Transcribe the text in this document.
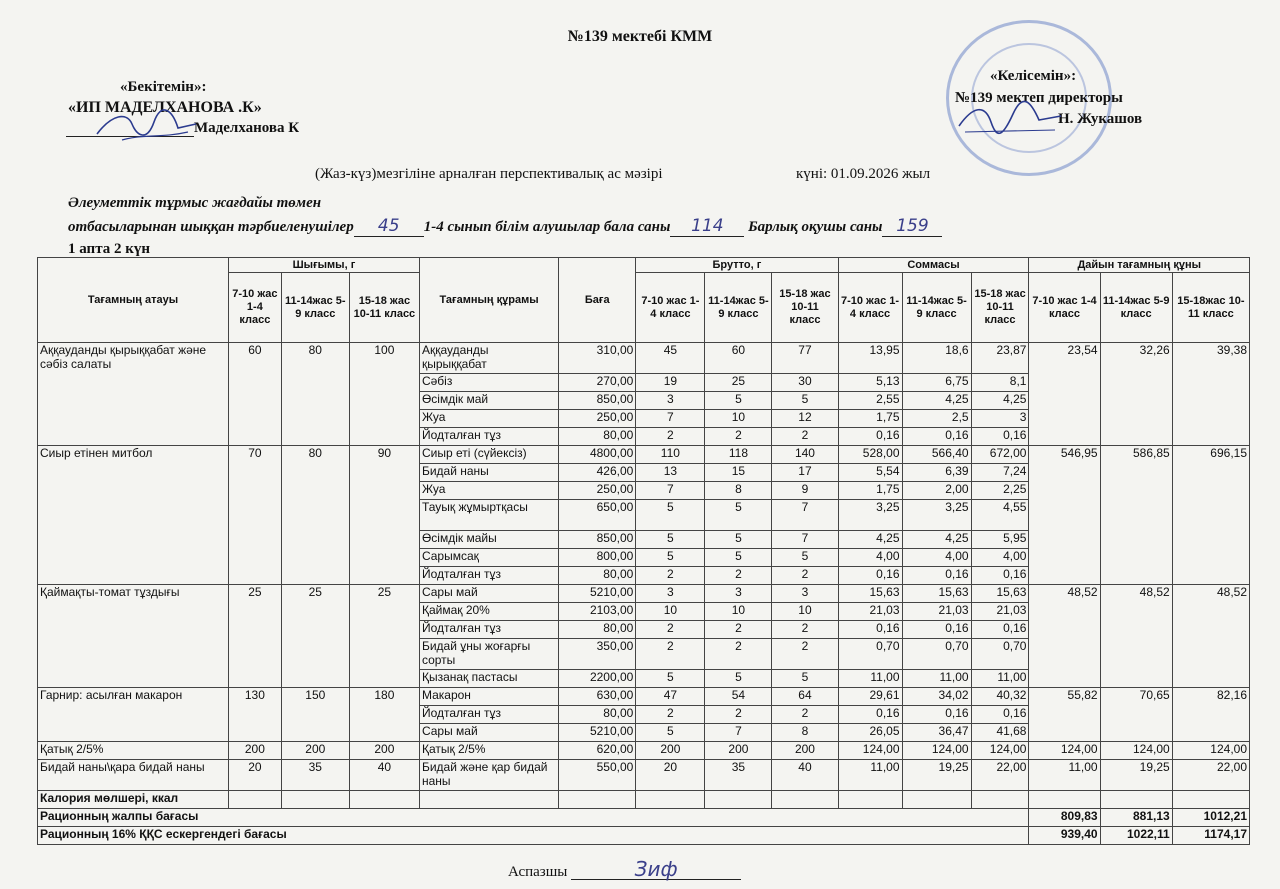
№139 мектебі КММ
«Бекітемін»:
«ИП МАДЕЛХАНОВА .К»
Маделханова К
«Келісемін»:
№139 мектеп директоры
Н. Жукашов
(Жаз-күз)мезгіліне арналған перспективалық ас мәзірі	күні: 01.09.2026 жыл
Әлеуметтік тұрмыс жағдайы төмен
отбасыларынан шыққан тәрбиеленушілер 45 1-4 сынып білім алушылар бала саны 114 Барлық оқушы саны 159
1 апта 2 күн
Тағамның атауы	Шығымы, г			Тағамның құрамы	Баға	Брутто, г			Соммасы			Дайын тағамның құны		
	7-10 жас 1-4 класс	11-14жас 5-9 класс	15-18 жас 10-11 класс			7-10 жас 1-4 класс	11-14жас 5-9 класс	15-18 жас 10-11 класс	7-10 жас 1-4 класс	11-14жас 5-9 класс	15-18 жас 10-11 класс	7-10 жас 1-4 класс	11-14жас 5-9 класс	15-18жас 10-11 класс
Аққауданды қырыққабат және сәбіз салаты	60	80	100	Аққауданды қырыққабат	310,00	45	60	77	13,95	18,6	23,87	23,54	32,26	39,38
				Сәбіз	270,00	19	25	30	5,13	6,75	8,1			
				Өсімдік май	850,00	3	5	5	2,55	4,25	4,25			
				Жуа	250,00	7	10	12	1,75	2,5	3			
				Йодталған тұз	80,00	2	2	2	0,16	0,16	0,16			
Сиыр етінен митбол	70	80	90	Сиыр еті (сүйексіз)	4800,00	110	118	140	528,00	566,40	672,00	546,95	586,85	696,15
				Бидай наны	426,00	13	15	17	5,54	6,39	7,24			
				Жуа	250,00	7	8	9	1,75	2,00	2,25			
				Тауық жұмыртқасы	650,00	5	5	7	3,25	3,25	4,55			
				Өсімдік майы	850,00	5	5	7	4,25	4,25	5,95			
				Сарымсақ	800,00	5	5	5	4,00	4,00	4,00			
				Йодталған тұз	80,00	2	2	2	0,16	0,16	0,16			
Қаймақты-томат тұздығы	25	25	25	Сары май	5210,00	3	3	3	15,63	15,63	15,63	48,52	48,52	48,52
				Қаймақ 20%	2103,00	10	10	10	21,03	21,03	21,03			
				Йодталған тұз	80,00	2	2	2	0,16	0,16	0,16			
				Бидай ұны жоғарғы сорты	350,00	2	2	2	0,70	0,70	0,70			
				Қызанақ пастасы	2200,00	5	5	5	11,00	11,00	11,00			
Гарнир: асылған макарон	130	150	180	Макарон	630,00	47	54	64	29,61	34,02	40,32	55,82	70,65	82,16
				Йодталған тұз	80,00	2	2	2	0,16	0,16	0,16			
				Сары май	5210,00	5	7	8	26,05	36,47	41,68			
Қатық 2/5%	200	200	200	Қатық 2/5%	620,00	200	200	200	124,00	124,00	124,00	124,00	124,00	124,00
Бидай наны\қара бидай наны	20	35	40	Бидай және қар бидай наны	550,00	20	35	40	11,00	19,25	22,00	11,00	19,25	22,00
Калория мөлшері, ккал														
Рационның жалпы бағасы												809,83	881,13	1012,21
Рационның 16% ҚҚС ескергендегі бағасы												939,40	1022,11	1174,17
Аспазшы	Зиф
